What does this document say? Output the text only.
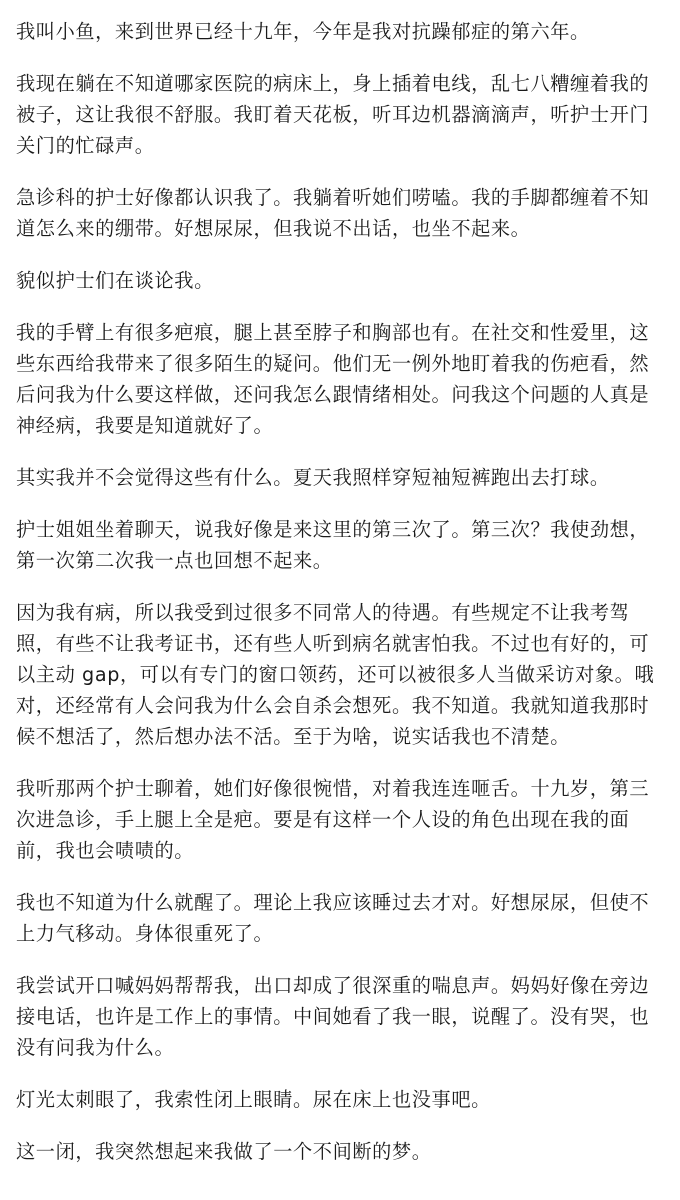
我叫小鱼，来到世界已经十九年，今年是我对抗躁郁症的第六年。

我现在躺在不知道哪家医院的病床上，身上插着电线，乱七八糟缠着我的被子，这让我很不舒服。我盯着天花板，听耳边机器滴滴声，听护士开门关门的忙碌声。

急诊科的护士好像都认识我了。我躺着听她们唠嗑。我的手脚都缠着不知道怎么来的绷带。好想尿尿，但我说不出话，也坐不起来。

貌似护士们在谈论我。

我的手臂上有很多疤痕，腿上甚至脖子和胸部也有。在社交和性爱里，这些东西给我带来了很多陌生的疑问。他们无一例外地盯着我的伤疤看，然后问我为什么要这样做，还问我怎么跟情绪相处。问我这个问题的人真是神经病，我要是知道就好了。

其实我并不会觉得这些有什么。夏天我照样穿短袖短裤跑出去打球。

护士姐姐坐着聊天，说我好像是来这里的第三次了。第三次？我使劲想，第一次第二次我一点也回想不起来。

因为我有病，所以我受到过很多不同常人的待遇。有些规定不让我考驾照，有些不让我考证书，还有些人听到病名就害怕我。不过也有好的，可以主动 gap，可以有专门的窗口领药，还可以被很多人当做采访对象。哦对，还经常有人会问我为什么会自杀会想死。我不知道。我就知道我那时候不想活了，然后想办法不活。至于为啥，说实话我也不清楚。

我听那两个护士聊着，她们好像很惋惜，对着我连连咂舌。十九岁，第三次进急诊，手上腿上全是疤。要是有这样一个人设的角色出现在我的面前，我也会啧啧的。

我也不知道为什么就醒了。理论上我应该睡过去才对。好想尿尿，但使不上力气移动。身体很重死了。

我尝试开口喊妈妈帮帮我，出口却成了很深重的喘息声。妈妈好像在旁边接电话，也许是工作上的事情。中间她看了我一眼，说醒了。没有哭，也没有问我为什么。

灯光太刺眼了，我索性闭上眼睛。尿在床上也没事吧。

这一闭，我突然想起来我做了一个不间断的梦。
